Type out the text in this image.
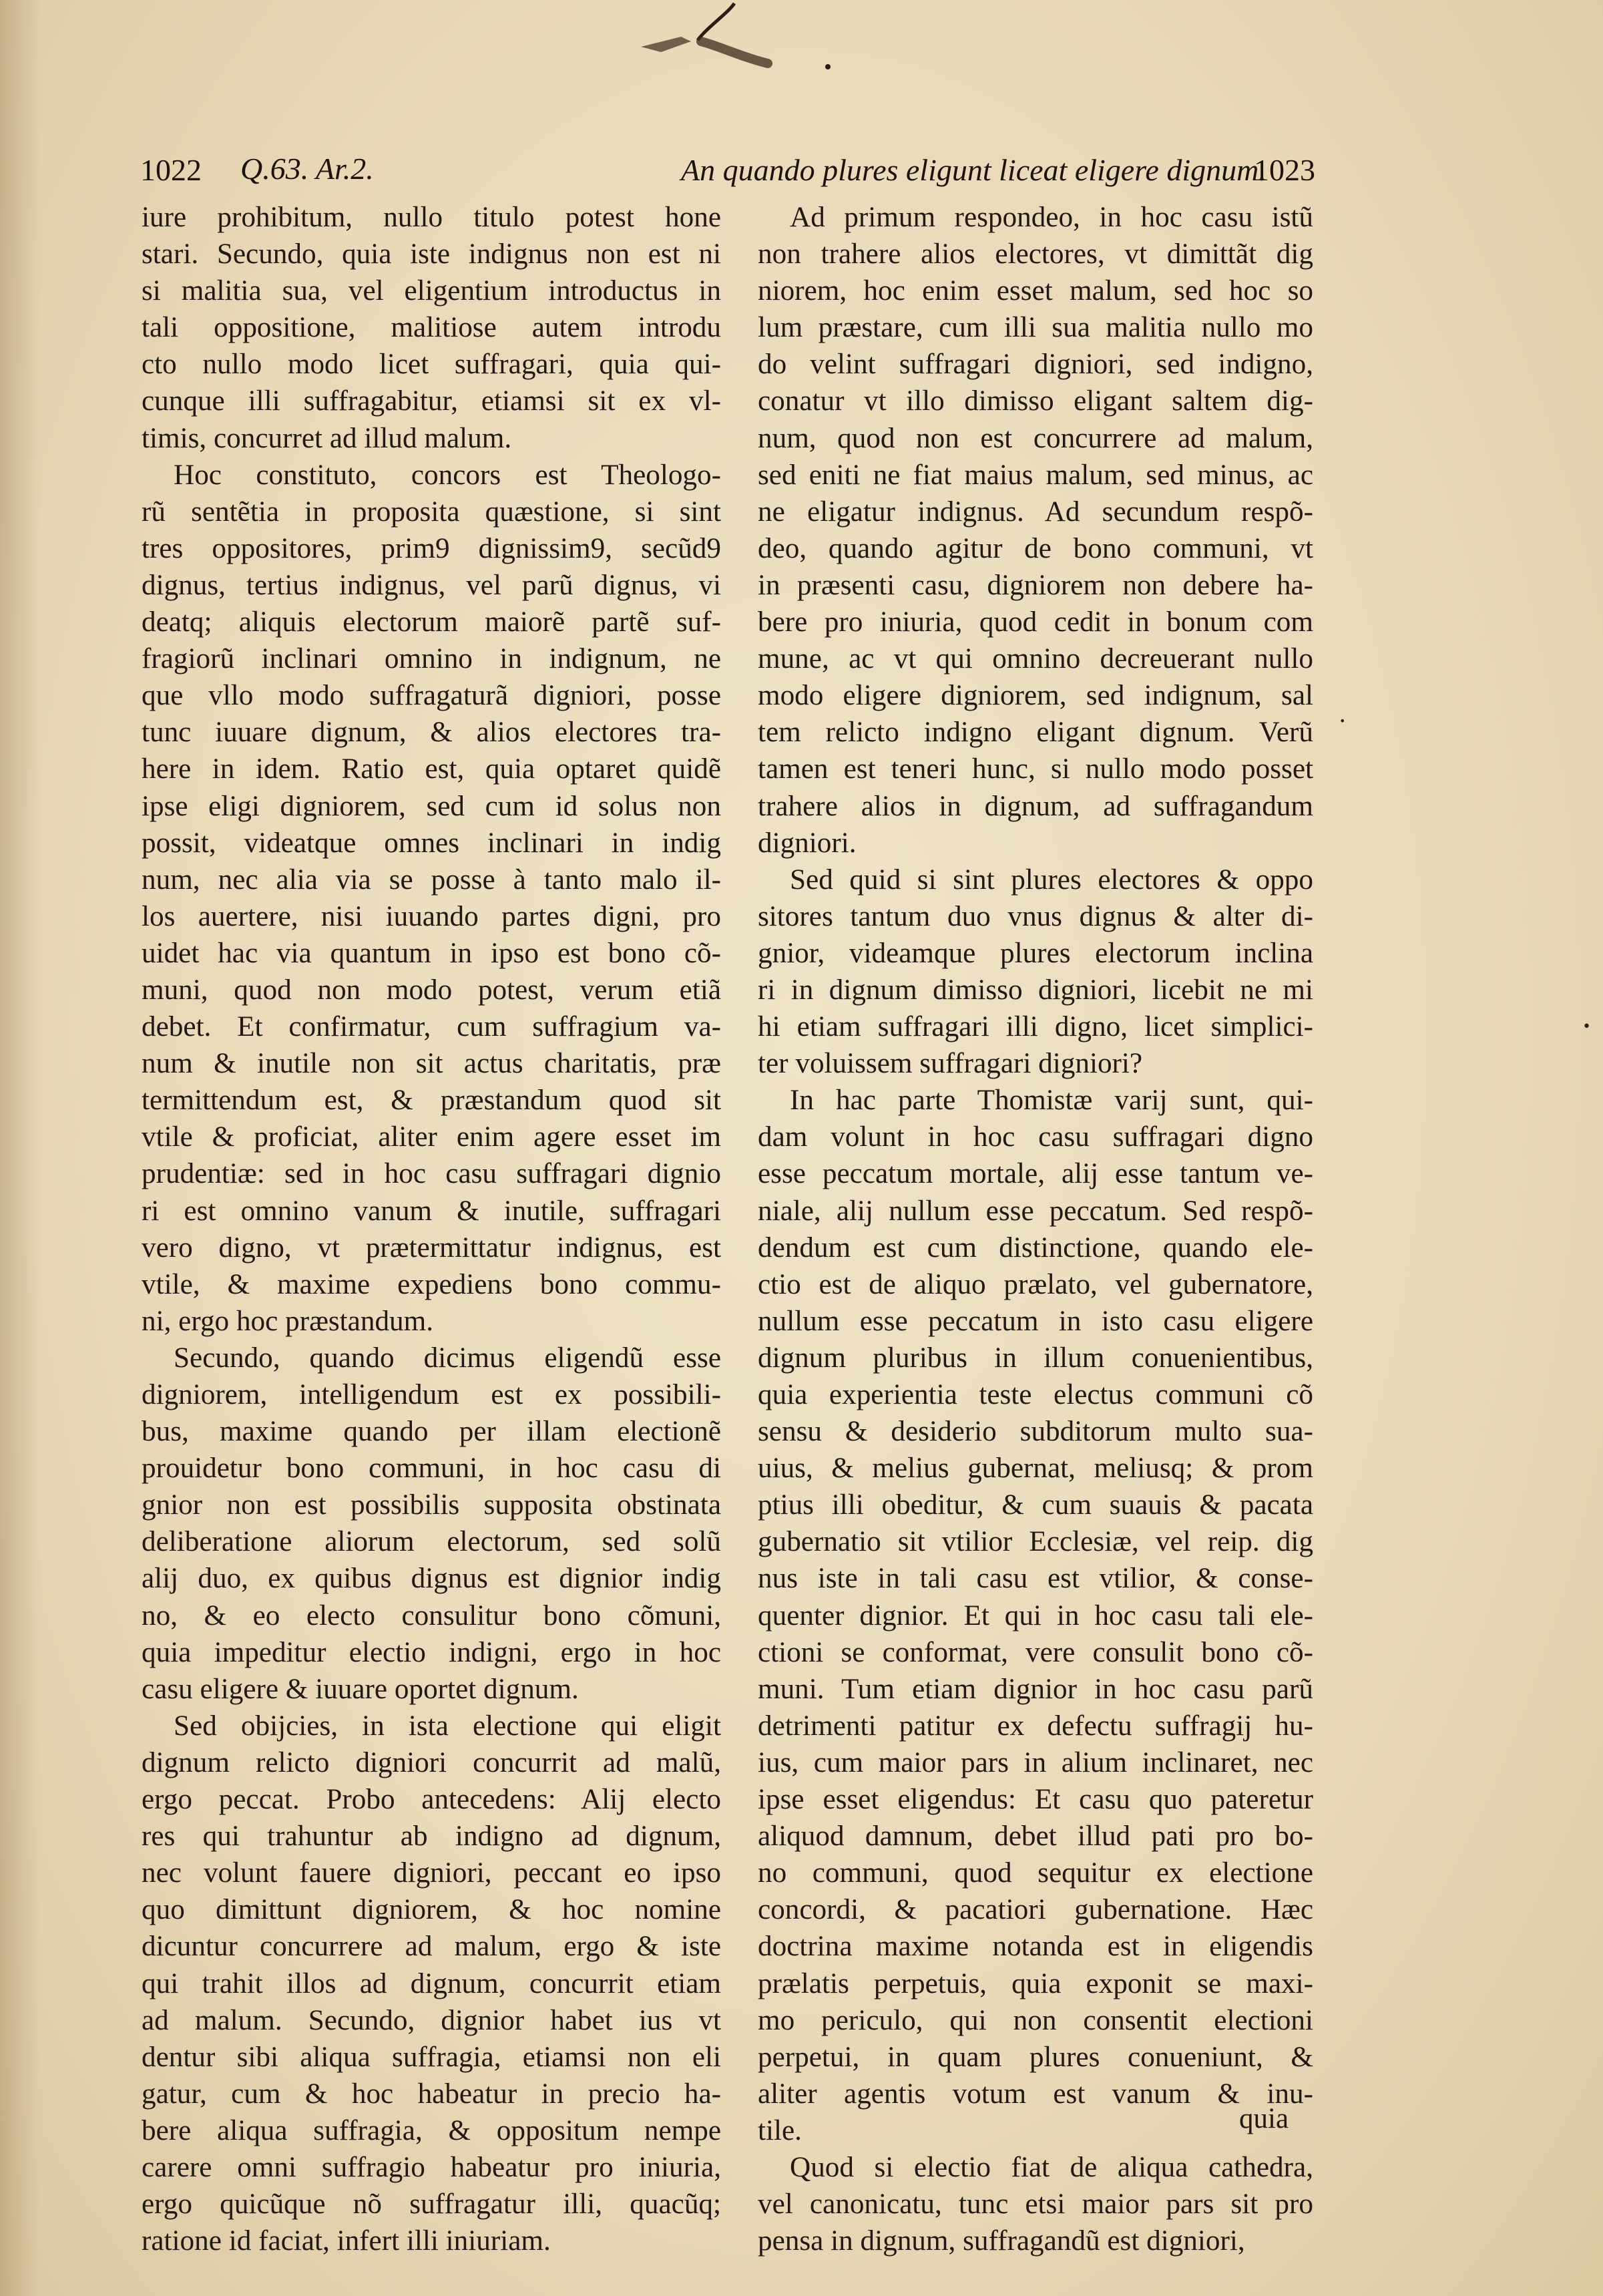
•
•
1022 Q.63. Ar.2.	An quando plures eligunt liceat eligere dignum.
1023

iure prohibitum, nullo titulo potest hone

stari. Secundo, quia iste indignus non est ni

si malitia sua, vel eligentium introductus in

tali oppositione, malitiose autem introdu

cto nullo modo licet suffragari, quia qui-

cunque illi suffragabitur, etiamsi sit ex vl-

timis, concurret ad illud malum.

Hoc constituto, concors est Theologo-

rũ sentẽtia in proposita quæstione, si sint

tres oppositores, prim9 dignissim9, secũd9

dignus, tertius indignus, vel parũ dignus, vi

deatq; aliquis electorum maiorẽ partẽ suf-

fragiorũ inclinari omnino in indignum, ne

que vllo modo suffragaturã digniori, posse

tunc iuuare dignum, & alios electores tra-

here in idem. Ratio est, quia optaret quidẽ

ipse eligi digniorem, sed cum id solus non

possit, videatque omnes inclinari in indig

num, nec alia via se posse à tanto malo il-

los auertere, nisi iuuando partes digni, pro

uidet hac via quantum in ipso est bono cõ-

muni, quod non modo potest, verum etiã

debet. Et confirmatur, cum suffragium va-

num & inutile non sit actus charitatis, præ

termittendum est, & præstandum quod sit

vtile & proficiat, aliter enim agere esset im

prudentiæ: sed in hoc casu suffragari dignio

ri est omnino vanum & inutile, suffragari

vero digno, vt prætermittatur indignus, est

vtile, & maxime expediens bono commu-

ni, ergo hoc præstandum.

Secundo, quando dicimus eligendũ esse

digniorem, intelligendum est ex possibili-

bus, maxime quando per illam electionẽ

prouidetur bono communi, in hoc casu di

gnior non est possibilis supposita obstinata

deliberatione aliorum electorum, sed solũ

alij duo, ex quibus dignus est dignior indig

no, & eo electo consulitur bono cõmuni,

quia impeditur electio indigni, ergo in hoc

casu eligere & iuuare oportet dignum.

Sed obijcies, in ista electione qui eligit

dignum relicto digniori concurrit ad malũ,

ergo peccat. Probo antecedens: Alij electo

res qui trahuntur ab indigno ad dignum,

nec volunt fauere digniori, peccant eo ipso

quo dimittunt digniorem, & hoc nomine

dicuntur concurrere ad malum, ergo & iste

qui trahit illos ad dignum, concurrit etiam

ad malum. Secundo, dignior habet ius vt

dentur sibi aliqua suffragia, etiamsi non eli

gatur, cum & hoc habeatur in precio ha-

bere aliqua suffragia, & oppositum nempe

carere omni suffragio habeatur pro iniuria,

ergo quicũque nõ suffragatur illi, quacũq;

ratione id faciat, infert illi iniuriam.

Ad primum respondeo, in hoc casu istũ

non trahere alios electores, vt dimittãt dig

niorem, hoc enim esset malum, sed hoc so

lum præstare, cum illi sua malitia nullo mo

do velint suffragari digniori, sed indigno,

conatur vt illo dimisso eligant saltem dig-

num, quod non est concurrere ad malum,

sed eniti ne fiat maius malum, sed minus, ac

ne eligatur indignus. Ad secundum respõ-

deo, quando agitur de bono communi, vt

in præsenti casu, digniorem non debere ha-

bere pro iniuria, quod cedit in bonum com

mune, ac vt qui omnino decreuerant nullo

modo eligere digniorem, sed indignum, sal

tem relicto indigno eligant dignum. Verũ

tamen est teneri hunc, si nullo modo posset

trahere alios in dignum, ad suffragandum

digniori.

Sed quid si sint plures electores & oppo

sitores tantum duo vnus dignus & alter di-

gnior, videamque plures electorum inclina

ri in dignum dimisso digniori, licebit ne mi

hi etiam suffragari illi digno, licet simplici-

ter voluissem suffragari digniori?

In hac parte Thomistæ varij sunt, qui-

dam volunt in hoc casu suffragari digno

esse peccatum mortale, alij esse tantum ve-

niale, alij nullum esse peccatum. Sed respõ-

dendum est cum distinctione, quando ele-

ctio est de aliquo prælato, vel gubernatore,

nullum esse peccatum in isto casu eligere

dignum pluribus in illum conuenientibus,

quia experientia teste electus communi cõ

sensu & desiderio subditorum multo sua-

uius, & melius gubernat, meliusq; & prom

ptius illi obeditur, & cum suauis & pacata

gubernatio sit vtilior Ecclesiæ, vel reip. dig

nus iste in tali casu est vtilior, & conse-

quenter dignior. Et qui in hoc casu tali ele-

ctioni se conformat, vere consulit bono cõ-

muni. Tum etiam dignior in hoc casu parũ

detrimenti patitur ex defectu suffragij hu-

ius, cum maior pars in alium inclinaret, nec

ipse esset eligendus: Et casu quo pateretur

aliquod damnum, debet illud pati pro bo-

no communi, quod sequitur ex electione

concordi, & pacatiori gubernatione. Hæc

doctrina maxime notanda est in eligendis

prælatis perpetuis, quia exponit se maxi-

mo periculo, qui non consentit electioni

perpetui, in quam plures conueniunt, &

aliter agentis votum est vanum & inu-

tile.

Quod si electio fiat de aliqua cathedra,

vel canonicatu, tunc etsi maior pars sit pro

pensa in dignum, suffragandũ est digniori,

quia
